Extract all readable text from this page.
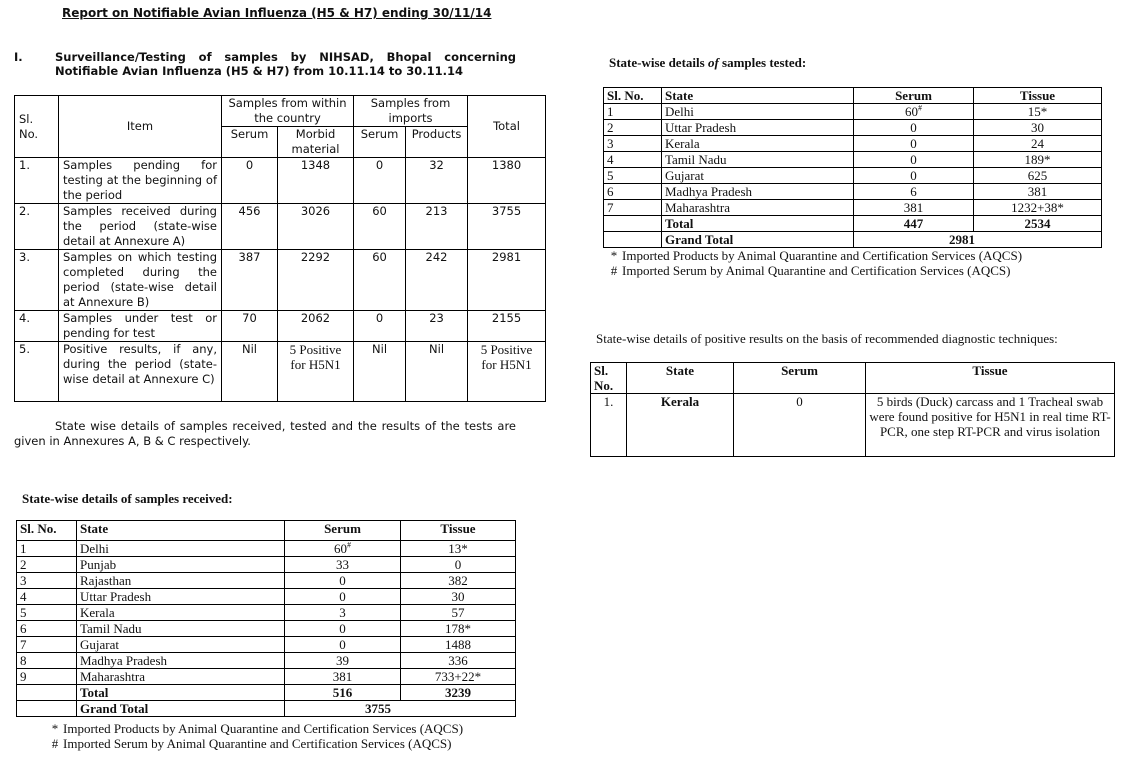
Report on Notifiable Avian Influenza (H5 & H7) ending 30/11/14
I.	Surveillance/Testing of samples by NIHSAD, Bhopal concerning Notifiable Avian Influenza (H5 & H7) from 10.11.14 to 30.11.14
Sl. No.	Item	Samples from within the country		Samples from imports		Total
		Serum	Morbid material	Serum	Products	
1.	Samples pending for testing at the beginning of the period	0	1348	0	32	1380
2.	Samples received during the period (state-wise detail at Annexure A)	456	3026	60	213	3755
3.	Samples on which testing completed during the period (state-wise detail at Annexure B)	387	2292	60	242	2981
4.	Samples under test or pending for test	70	2062	0	23	2155
5.	Positive results, if any, during the period (state-wise detail at Annexure C)	Nil	5 Positive for H5N1	Nil	Nil	5 Positive for H5N1
State wise details of samples received, tested and the results of the tests are given in Annexures A, B & C respectively.
State-wise details of samples received:
Sl. No.	State	Serum	Tissue
1	Delhi	60#	13*
2	Punjab	33	0
3	Rajasthan	0	382
4	Uttar Pradesh	0	30
5	Kerala	3	57
6	Tamil Nadu	0	178*
7	Gujarat	0	1488
8	Madhya Pradesh	39	336
9	Maharashtra	381	733+22*
	Total	516	3239
	Grand Total	3755	
* Imported Products by Animal Quarantine and Certification Services (AQCS)
# Imported Serum by Animal Quarantine and Certification Services (AQCS)
State-wise details of samples tested:
Sl. No.	State	Serum	Tissue
1	Delhi	60#	15*
2	Uttar Pradesh	0	30
3	Kerala	0	24
4	Tamil Nadu	0	189*
5	Gujarat	0	625
6	Madhya Pradesh	6	381
7	Maharashtra	381	1232+38*
	Total	447	2534
	Grand Total	2981	
* Imported Products by Animal Quarantine and Certification Services (AQCS)
# Imported Serum by Animal Quarantine and Certification Services (AQCS)
State-wise details of positive results on the basis of recommended diagnostic techniques:
Sl. No.	State	Serum	Tissue
1.	Kerala	0	5 birds (Duck) carcass and 1 Tracheal swab were found positive for H5N1 in real time RT-PCR, one step RT-PCR and virus isolation
